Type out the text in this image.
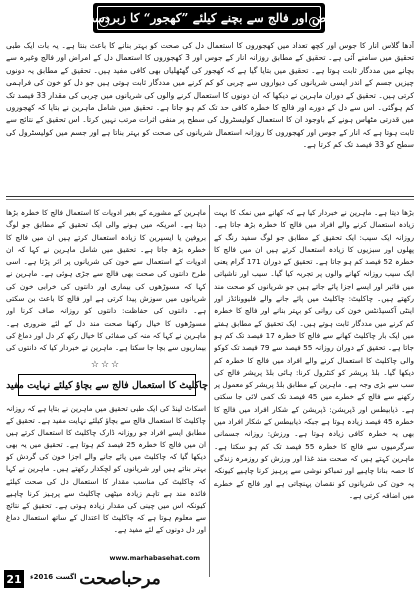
دل کے امراض اور فالج سے بچنے کیلئے ”کھجور“ کا زبردست استعمال
آدھا گلاس انار کا جوس اور کچھ تعداد میں کھجوروں کا استعمال دل کی صحت کو بہتر بنانے کا باعث بنتا ہے۔ یہ بات ایک طبی تحقیق میں سامنے آئی ہے۔ تحقیق کے مطابق روزانہ انار کے جوس اور 3 کھجوروں کا استعمال دل کے امراض اور فالج وغیرہ سے بچانے میں مددگار ثابت ہوتا ہے۔ تحقیق میں بتایا گیا ہے کہ کھجور کی گھٹھلیاں بھی کافی مفید ہیں۔ تحقیق کے مطابق یہ دونوں چیزیں جسم کے اندر ایسی شریانوں کی دیواروں سے چربی کو کم کرنے میں مددگار ثابت ہوتی ہیں جو دل کو خون کی فراہمی کرتی ہیں۔ تحقیق کے دوران ماہرین نے دیکھا کہ ان دونوں کا استعمال کرنے والوں کی شریانوں میں چربی کی مقدار 33 فیصد تک کم ہوگئی۔ اس سے دل کے دورے اور فالج کا خطرہ کافی حد تک کم ہو جاتا ہے۔ تحقیق میں شامل ماہرین نے بتایا کہ کھجوروں میں قدرتی مٹھاس ہونے کے باوجود ان کا استعمال کولیسٹرول کی سطح پر منفی اثرات مرتب نہیں کرتا۔ اس تحقیق کے نتائج سے ثابت ہوتا ہے کہ انار کے جوس اور کھجوروں کا روزانہ استعمال شریانوں کی صحت کو بہتر بناتا ہے اور جسم میں کولیسٹرول کی سطح کو 33 فیصد تک کم کرتا ہے۔
بڑھا دیتا ہے۔ ماہرین نے خبردار کیا ہے کہ کھانے میں نمک کا بہت زیادہ استعمال کرنے والے افراد میں فالج کا خطرہ بڑھ جاتا ہے۔ روزانہ ایک سیب: ایک تحقیق کے مطابق جو لوگ سفید رنگ کے پھلوں اور سبزیوں کا زیادہ استعمال کرتے ہیں ان میں فالج کا خطرہ 52 فیصد کم ہو جاتا ہے۔ تحقیق کے دوران 171 گرام یعنی ایک سیب روزانہ کھانے والوں پر تجربہ کیا گیا۔ سیب اور ناشپاتی میں فائبر اور ایسے اجزا پائے جاتے ہیں جو شریانوں کو صحت مند رکھتے ہیں۔ چاکلیٹ: چاکلیٹ میں پائے جانے والے فلیوونائڈز اور اینٹی آکسیڈنٹس خون کی روانی کو بہتر بنانے اور فالج کا خطرہ کم کرنے میں مددگار ثابت ہوتے ہیں۔ ایک تحقیق کے مطابق ہفتے میں ایک بار چاکلیٹ کھانے سے فالج کا خطرہ 17 فیصد تک کم ہو جاتا ہے۔ تحقیق کے دوران روزانہ 55 فیصد سے 79 فیصد تک کوکو والی چاکلیٹ کا استعمال کرنے والے افراد میں فالج کا خطرہ کم دیکھا گیا۔ بلڈ پریشر کو کنٹرول کرنا: ہائی بلڈ پریشر فالج کی سب سے بڑی وجہ ہے۔ ماہرین کے مطابق بلڈ پریشر کو معمول پر رکھنے سے فالج کے خطرے میں 45 فیصد تک کمی لائی جا سکتی ہے۔ ذیابیطس اور ڈپریشن: ڈپریشن کے شکار افراد میں فالج کا خطرہ 45 فیصد زیادہ ہوتا ہے جبکہ ذیابیطس کے شکار افراد میں بھی یہ خطرہ کافی زیادہ ہوتا ہے۔ ورزش: روزانہ جسمانی سرگرمیوں سے فالج کا خطرہ 55 فیصد تک کم ہو سکتا ہے۔ ماہرین کہتے ہیں کہ صحت مند غذا اور ورزش کو روزمرہ زندگی کا حصہ بنانا چاہیے اور تمباکو نوشی سے پرہیز کرنا چاہیے کیونکہ یہ خون کی شریانوں کو نقصان پہنچاتی ہے اور فالج کے خطرے میں اضافہ کرتی ہے۔
ماہرین کے مشورے کے بغیر ادویات کا استعمال فالج کا خطرہ بڑھا دیتا ہے۔ امریکہ میں ہونے والی ایک تحقیق کے مطابق جو لوگ بروفین یا ایسپرین کا زیادہ استعمال کرتے ہیں ان میں فالج کا خطرہ بڑھ جاتا ہے۔ تحقیق میں شامل ماہرین نے کہا کہ ان ادویات کے استعمال سے خون کی شریانوں پر اثر پڑتا ہے۔ اسی طرح دانتوں کی صحت بھی فالج سے جڑی ہوئی ہے۔ ماہرین نے کہا کہ مسوڑھوں کی بیماری اور دانتوں کی خرابی خون کی شریانوں میں سوزش پیدا کرتی ہے اور فالج کا باعث بن سکتی ہے۔ دانتوں کی حفاظت: دانتوں کو روزانہ صاف کرنا اور مسوڑھوں کا خیال رکھنا صحت مند دل کے لئے ضروری ہے۔ ماہرین نے کہا کہ منہ کی صفائی کا خیال رکھ کر دل اور دماغ کی بیماریوں سے بچا جا سکتا ہے۔ ماہرین نے خبردار کیا کہ دانتوں کی
☆☆☆
چاکلیٹ کا استعمال فالج سے بچاؤ کیلئے نہایت مفید
اسکاٹ لینڈ کی ایک طبی تحقیق میں ماہرین نے بتایا ہے کہ روزانہ چاکلیٹ کا استعمال فالج سے بچاؤ کیلئے نہایت مفید ہے۔ تحقیق کے مطابق ایسے افراد جو روزانہ ڈارک چاکلیٹ کا استعمال کرتے ہیں ان میں فالج کا خطرہ 25 فیصد کم ہوتا ہے۔ تحقیق میں یہ بھی دیکھا گیا کہ چاکلیٹ میں پائے جانے والے اجزا خون کی گردش کو بہتر بناتے ہیں اور شریانوں کو لچکدار رکھتے ہیں۔ ماہرین نے کہا کہ چاکلیٹ کی مناسب مقدار کا استعمال دل کی صحت کیلئے فائدہ مند ہے تاہم زیادہ میٹھی چاکلیٹ سے پرہیز کرنا چاہیے کیونکہ اس میں چینی کی مقدار زیادہ ہوتی ہے۔ تحقیق کے نتائج سے معلوم ہوتا ہے کہ چاکلیٹ کا اعتدال کے ساتھ استعمال دماغ اور دل دونوں کے لئے مفید ہے۔
www.marhabasehat.com
21	اگست 2016ء مرحباصحت
